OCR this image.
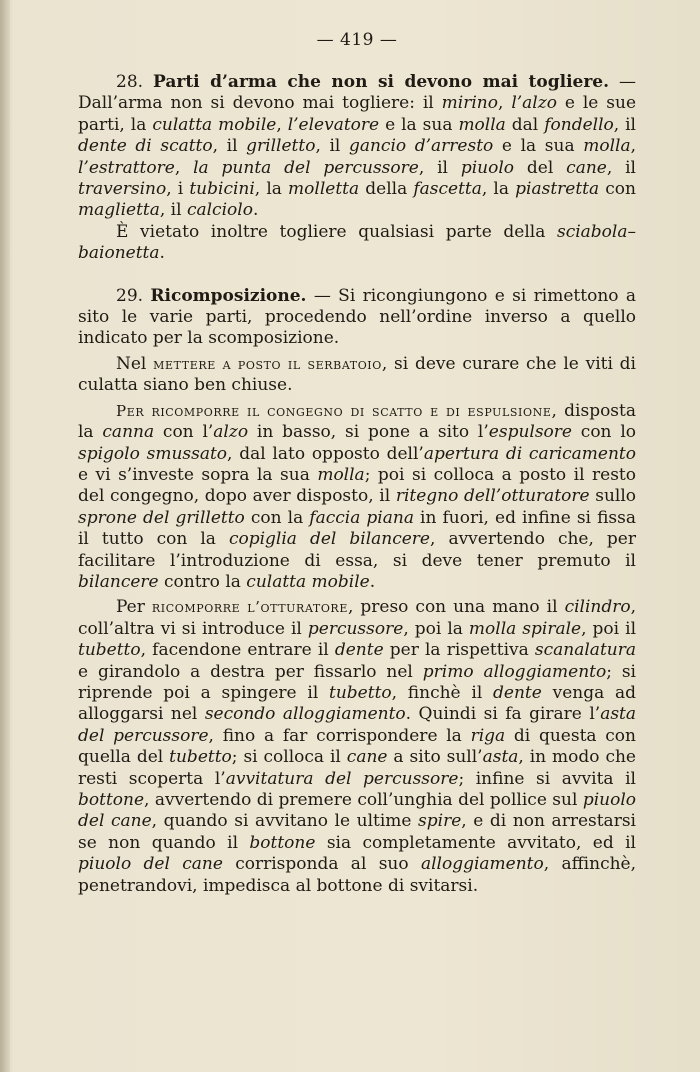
— 419 —

28. Parti d’arma che non si devono mai togliere. — Dall’arma non si devono mai togliere: il mirino, l’alzo e le sue parti, la culatta mobile, l’elevatore e la sua molla dal fondello, il dente di scatto, il grilletto, il gancio d’arresto e la sua molla, l’estrattore, la punta del percussore, il piuolo del cane, il traversino, i tubicini, la molletta della fascetta, la piastretta con maglietta, il calciolo.

È vietato inoltre togliere qualsiasi parte della sciabola–baionetta.

29. Ricomposizione. — Si ricongiungono e si rimettono a sito le varie parti, procedendo nell’ordine inverso a quello indicato per la scomposizione.

Nel mettere a posto il serbatoio, si deve curare che le viti di culatta siano ben chiuse.

Per ricomporre il congegno di scatto e di espulsione, disposta la canna con l’alzo in basso, si pone a sito l’espulsore con lo spigolo smussato, dal lato opposto dell’apertura di caricamento e vi s’investe sopra la sua molla; poi si colloca a posto il resto del congegno, dopo aver disposto, il ritegno dell’otturatore sullo sprone del grilletto con la faccia piana in fuori, ed infine si fissa il tutto con la copiglia del bilancere, avvertendo che, per facilitare l’introduzione di essa, si deve tener premuto il bilancere contro la culatta mobile.

Per ricomporre l’otturatore, preso con una mano il cilindro, coll’altra vi si introduce il percussore, poi la molla spirale, poi il tubetto, facendone entrare il dente per la rispettiva scanalatura e girandolo a destra per fissarlo nel primo alloggiamento; si riprende poi a spingere il tubetto, finchè il dente venga ad alloggarsi nel secondo alloggiamento. Quindi si fa girare l’asta del percussore, fino a far corrispondere la riga di questa con quella del tubetto; si colloca il cane a sito sull’asta, in modo che resti scoperta l’avvitatura del percussore; infine si avvita il bottone, avvertendo di premere coll’unghia del pollice sul piuolo del cane, quando si avvitano le ultime spire, e di non arrestarsi se non quando il bottone sia completamente avvitato, ed il piuolo del cane corrisponda al suo alloggiamento, affinchè, penetrandovi, impedisca al bottone di svitarsi.
